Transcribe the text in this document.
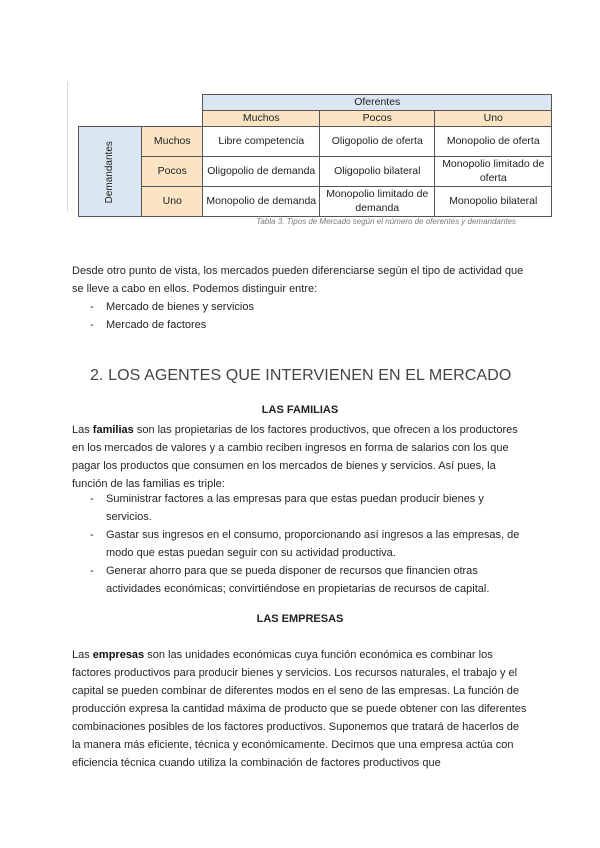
		Oferentes		
		Muchos	Pocos	Uno
Demandantes	Muchos	Libre competencia	Oligopolio de oferta	Monopolio de oferta
	Pocos	Oligopolio de demanda	Oligopolio bilateral	Monopolio limitado de oferta
	Uno	Monopolio de demanda	Monopolio limitado de demanda	Monopolio bilateral
Tabla 3. Tipos de Mercado según el número de oferentes y demandantes

Desde otro punto de vista, los mercados pueden diferenciarse según el tipo de actividad que se lleve a cabo en ellos. Podemos distinguir entre:

- Mercado de bienes y servicios
- Mercado de factores
2. LOS AGENTES QUE INTERVIENEN EN EL MERCADO
LAS FAMILIAS

Las familias son las propietarias de los factores productivos, que ofrecen a los productores en los mercados de valores y a cambio reciben ingresos en forma de salarios con los que pagar los productos que consumen en los mercados de bienes y servicios. Así pues, la función de las familias es triple:

- Suministrar factores a las empresas para que estas puedan producir bienes y servicios.
- Gastar sus ingresos en el consumo, proporcionando así ingresos a las empresas, de modo que estas puedan seguir con su actividad productiva.
- Generar ahorro para que se pueda disponer de recursos que financien otras actividades económicas; convirtiéndose en propietarias de recursos de capital.
LAS EMPRESAS

Las empresas son las unidades económicas cuya función económica es combinar los factores productivos para producir bienes y servicios. Los recursos naturales, el trabajo y el capital se pueden combinar de diferentes modos en el seno de las empresas. La función de producción expresa la cantidad máxima de producto que se puede obtener con las diferentes combinaciones posibles de los factores productivos. Suponemos que tratará de hacerlos de la manera más eficiente, técnica y económicamente. Decimos que una empresa actúa con eficiencia técnica cuando utiliza la combinación de factores productivos que
